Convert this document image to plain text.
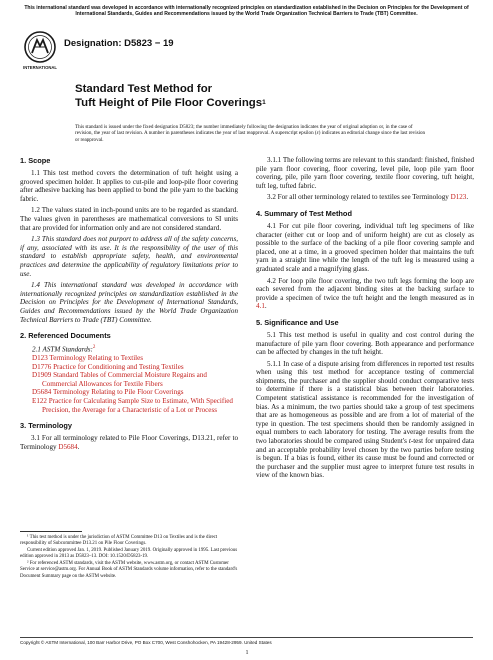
This international standard was developed in accordance with internationally recognized principles on standardization established in the Decision on Principles for the Development of International Standards, Guides and Recommendations issued by the World Trade Organization Technical Barriers to Trade (TBT) Committee.
INTERNATIONAL
Designation: D5823 − 19
Standard Test Method for
Tuft Height of Pile Floor Coverings$^1$
This standard is issued under the fixed designation D5823; the number immediately following the designation indicates the year of original adoption or, in the case of revision, the year of last revision. A number in parentheses indicates the year of last reapproval. A superscript epsilon (ε) indicates an editorial change since the last revision or reapproval.
1. Scope

1.1 This test method covers the determination of tuft height using a grooved specimen holder. It applies to cut-pile and loop-pile floor covering after adhesive backing has been applied to bond the pile yarn to the backing fabric.

1.2 The values stated in inch-pound units are to be regarded as standard. The values given in parentheses are mathematical conversions to SI units that are provided for information only and are not considered standard.

1.3 This standard does not purport to address all of the safety concerns, if any, associated with its use. It is the responsibility of the user of this standard to establish appropriate safety, health, and environmental practices and determine the applicability of regulatory limitations prior to use.

1.4 This international standard was developed in accordance with internationally recognized principles on standardization established in the Decision on Principles for the Development of International Standards, Guides and Recommendations issued by the World Trade Organization Technical Barriers to Trade (TBT) Committee.

2. Referenced Documents
2.1 ASTM Standards:$^2$
D123 Terminology Relating to Textiles
D1776 Practice for Conditioning and Testing Textiles
D1909 Standard Tables of Commercial Moisture Regains and Commercial Allowances for Textile Fibers
D5684 Terminology Relating to Pile Floor Coverings
E122 Practice for Calculating Sample Size to Estimate, With Specified Precision, the Average for a Characteristic of a Lot or Process
3. Terminology

3.1 For all terminology related to Pile Floor Coverings, D13.21, refer to Terminology D5684.

3.1.1 The following terms are relevant to this standard: finished, finished pile yarn floor covering, floor covering, level pile, loop pile yarn floor covering, pile, pile yarn floor covering, textile floor covering, tuft height, tuft leg, tufted fabric.

3.2 For all other terminology related to textiles see Terminology D123.

4. Summary of Test Method

4.1 For cut pile floor covering, individual tuft leg specimens of like character (either cut or loop and of uniform height) are cut as closely as possible to the surface of the backing of a pile floor covering sample and placed, one at a time, in a grooved specimen holder that maintains the tuft yarn in a straight line while the length of the tuft leg is measured using a graduated scale and a magnifying glass.

4.2 For loop pile floor covering, the two tuft legs forming the loop are each severed from the adjacent binding sites at the backing surface to provide a specimen of twice the tuft height and the length measured as in 4.1.

5. Significance and Use

5.1 This test method is useful in quality and cost control during the manufacture of pile yarn floor covering. Both appearance and performance can be affected by changes in the tuft height.

5.1.1 In case of a dispute arising from differences in reported test results when using this test method for acceptance testing of commercial shipments, the purchaser and the supplier should conduct comparative tests to determine if there is a statistical bias between their laboratories. Competent statistical assistance is recommended for the investigation of bias. As a minimum, the two parties should take a group of test specimens that are as homogeneous as possible and are from a lot of material of the type in question. The test specimens should then be randomly assigned in equal numbers to each laboratory for testing. The average results from the two laboratories should be compared using Student's t-test for unpaired data and an acceptable probability level chosen by the two parties before testing is begun. If a bias is found, either its cause must be found and corrected or the purchaser and the supplier must agree to interpret future test results in view of the known bias.

¹ This test method is under the jurisdiction of ASTM Committee D13 on Textiles and is the direct responsibility of Subcommittee D13.21 on Pile Floor Coverings.

Current edition approved Jan. 1, 2019. Published January 2019. Originally approved in 1995. Last previous edition approved in 2013 as D5823–13. DOI: 10.1520/D5823-19.

² For referenced ASTM standards, visit the ASTM website, www.astm.org, or contact ASTM Customer Service at service@astm.org. For Annual Book of ASTM Standards volume information, refer to the standard's Document Summary page on the ASTM website.

Copyright © ASTM International, 100 Barr Harbor Drive, PO Box C700, West Conshohocken, PA 19428-2959. United States
1
